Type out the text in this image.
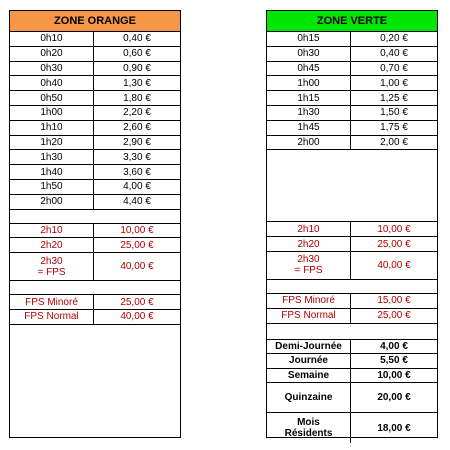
ZONE ORANGE
0h10	0,40 €
0h20	0,60 €
0h30	0,90 €
0h40	1,30 €
0h50	1,80 €
1h00	2,20 €
1h10	2,60 €
1h20	2,90 €
1h30	3,30 €
1h40	3,60 €
1h50	4,00 €
2h00	4,40 €
2h10	10,00 €
2h20	25,00 €
2h30
= FPS	40,00 €
FPS Minoré	25,00 €
FPS Normal	40,00 €
ZONE VERTE
0h15	0,20 €
0h30	0,40 €
0h45	0,70 €
1h00	1,00 €
1h15	1,25 €
1h30	1,50 €
1h45	1,75 €
2h00	2,00 €
2h10	10,00 €
2h20	25,00 €
2h30
= FPS	40,00 €
FPS Minoré	15,00 €
FPS Normal	25,00 €
Demi-Journée	4,00 €
Journée	5,50 €
Semaine	10,00 €
Quinzaine	20,00 €
Mois
Résidents	18,00 €
